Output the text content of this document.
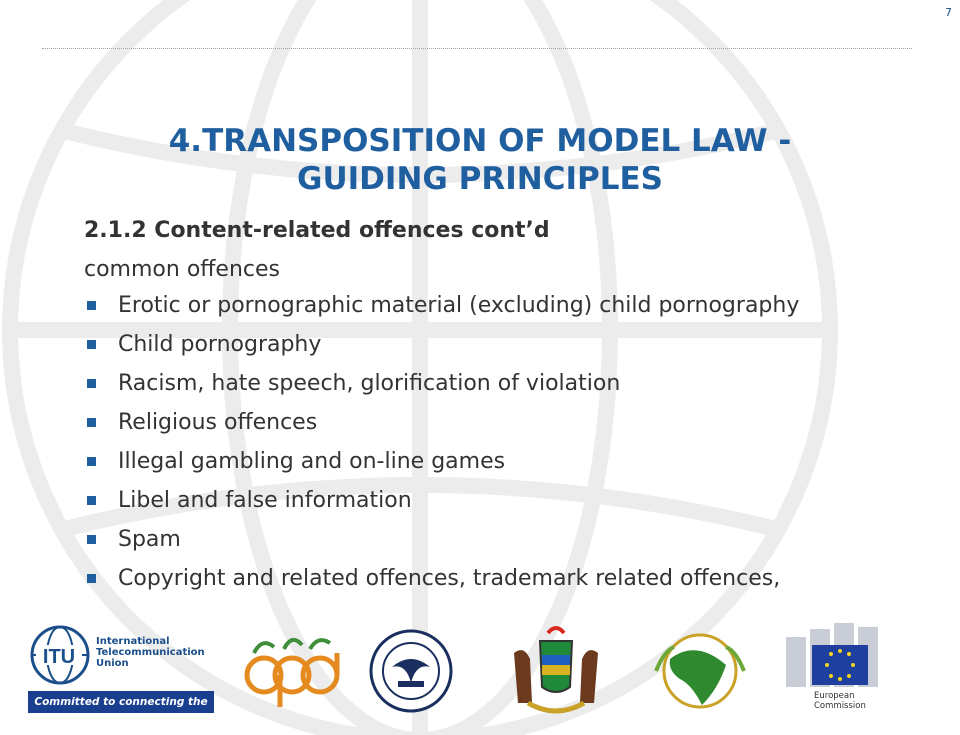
7
4.TRANSPOSITION OF MODEL LAW -
GUIDING PRINCIPLES
2.1.2 Content-related offences cont’d
common offences
Erotic or pornographic material (excluding) child pornography
Child pornography
Racism, hate speech, glorification of violation
Religious offences
Illegal gambling and on-line games
Libel and false information
Spam
Copyright and related offences, trademark related offences,
ITU
International
Telecommunication
Union
Committed to connecting the world
European
Commission
